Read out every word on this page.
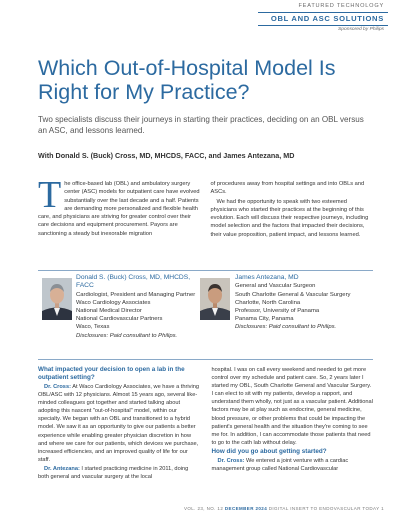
FEATURED TECHNOLOGY
OBL AND ASC SOLUTIONS
Sponsored by Philips
Which Out-of-Hospital Model Is Right for My Practice?

Two specialists discuss their journeys in starting their practices, deciding on an OBL versus an ASC, and lessons learned.

With Donald S. (Buck) Cross, MD, MHCDS, FACC, and James Antezana, MD

The office-based lab (OBL) and ambulatory surgery center (ASC) models for outpatient care have evolved substantially over the last decade and a half. Patients are demanding more personalized and flexible health care, and physicians are striving for greater control over their care decisions and equipment procurement. Payors are sanctioning a steady but inexorable migration

of procedures away from hospital settings and into OBLs and ASCs.

We had the opportunity to speak with two esteemed physicians who started their practices at the beginning of this evolution. Each will discuss their respective journeys, including model selection and the factors that impacted their decisions, their value proposition, patient impact, and lessons learned.

Donald S. (Buck) Cross, MD, MHCDS, FACC
Cardiologist, President and Managing Partner
Waco Cardiology Associates
National Medical Director
National Cardiovascular Partners
Waco, Texas
Disclosures: Paid consultant to Philips.
James Antezana, MD
General and Vascular Surgeon
South Charlotte General & Vascular Surgery
Charlotte, North Carolina
Professor, University of Panama
Panama City, Panama
Disclosures: Paid consultant to Philips.
What impacted your decision to open a lab in the outpatient setting?

Dr. Cross: At Waco Cardiology Associates, we have a thriving OBL/ASC with 12 physicians. Almost 15 years ago, several like-minded colleagues got together and started talking about adopting this nascent "out-of-hospital" model, within our specialty. We began with an OBL and transitioned to a hybrid model. We saw it as an opportunity to give our patients a better experience while enabling greater physician discretion in how and where we care for our patients, which devices we purchase, increased efficiencies, and an improved quality of life for our staff.

Dr. Antezana: I started practicing medicine in 2011, doing both general and vascular surgery at the local

hospital. I was on call every weekend and needed to get more control over my schedule and patient care. So, 2 years later I started my OBL, South Charlotte General and Vascular Surgery. I can elect to sit with my patients, develop a rapport, and understand them wholly, not just as a vascular patient. Additional factors may be at play such as endocrine, general medicine, blood pressure, or other problems that could be impacting the patient's general health and the situation they're coming to see me for. In addition, I can accommodate those patients that need to go to the cath lab without delay.

How did you go about getting started?

Dr. Cross: We entered a joint venture with a cardiac management group called National Cardiovascular

VOL. 23, NO. 12 DECEMBER 2024 DIGITAL INSERT TO ENDOVASCULAR TODAY 1
